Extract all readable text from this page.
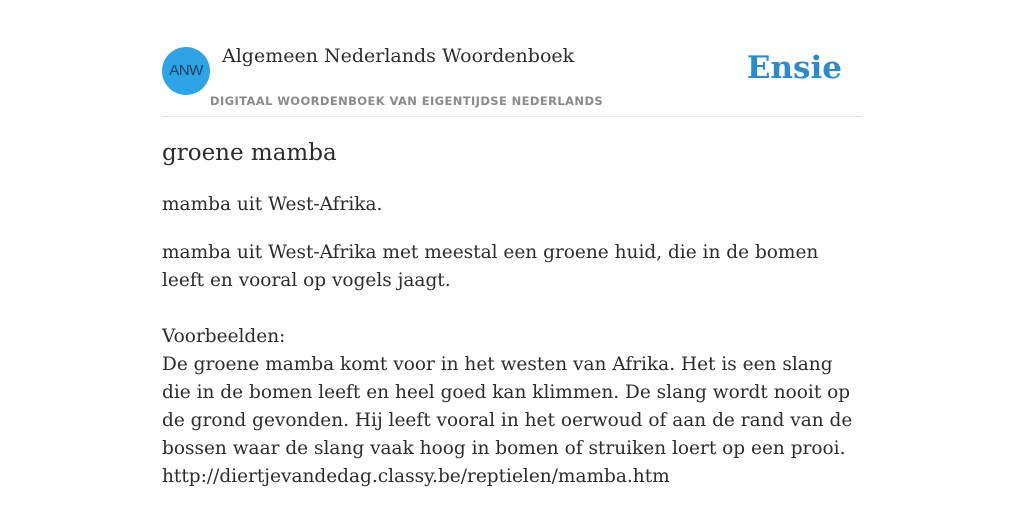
ANW
Algemeen Nederlands Woordenboek
DIGITAAL WOORDENBOEK VAN EIGENTIJDSE NEDERLANDS
Ensie
groene mamba
mamba uit West-Afrika.
mamba uit West-Afrika met meestal een groene huid, die in de bomen leeft en vooral op vogels jaagt.
Voorbeelden:
De groene mamba komt voor in het westen van Afrika. Het is een slang die in de bomen leeft en heel goed kan klimmen. De slang wordt nooit op de grond gevonden. Hij leeft vooral in het oerwoud of aan de rand van de bossen waar de slang vaak hoog in bomen of struiken loert op een prooi.
http://diertjevandedag.classy.be/reptielen/mamba.htm
